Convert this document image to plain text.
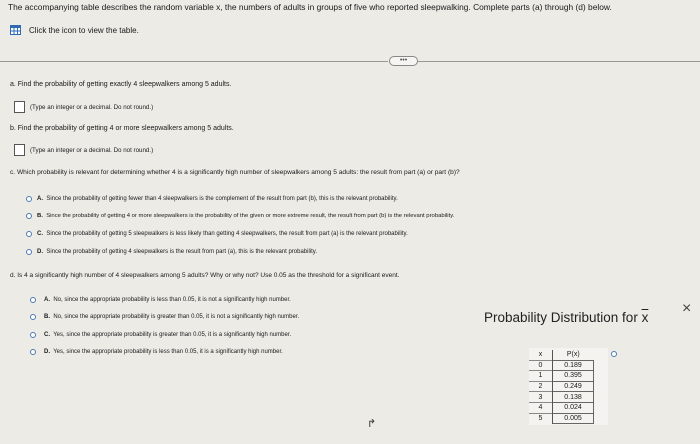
The accompanying table describes the random variable x, the numbers of adults in groups of five who reported sleepwalking. Complete parts (a) through (d) below.
Click the icon to view the table.
•••
a. Find the probability of getting exactly 4 sleepwalkers among 5 adults.
(Type an integer or a decimal. Do not round.)
b. Find the probability of getting 4 or more sleepwalkers among 5 adults.
(Type an integer or a decimal. Do not round.)
c. Which probability is relevant for determining whether 4 is a significantly high number of sleepwalkers among 5 adults: the result from part (a) or part (b)?
A. Since the probability of getting fewer than 4 sleepwalkers is the complement of the result from part (b), this is the relevant probability.
B. Since the probability of getting 4 or more sleepwalkers is the probability of the given or more extreme result, the result from part (b) is the relevant probability.
C. Since the probability of getting 5 sleepwalkers is less likely than getting 4 sleepwalkers, the result from part (a) is the relevant probability.
D. Since the probability of getting 4 sleepwalkers is the result from part (a), this is the relevant probability.
d. Is 4 a significantly high number of 4 sleepwalkers among 5 adults? Why or why not? Use 0.05 as the threshold for a significant event.
A. No, since the appropriate probability is less than 0.05, it is not a significantly high number.
B. No, since the appropriate probability is greater than 0.05, it is not a significantly high number.
C. Yes, since the appropriate probability is greater than 0.05, it is a significantly high number.
D. Yes, since the appropriate probability is less than 0.05, it is a significantly high number.
Probability Distribution for $\overline{x}$
×
x	P(x)
0	0.189
1	0.395
2	0.249
3	0.138
4	0.024
5	0.005
↱
